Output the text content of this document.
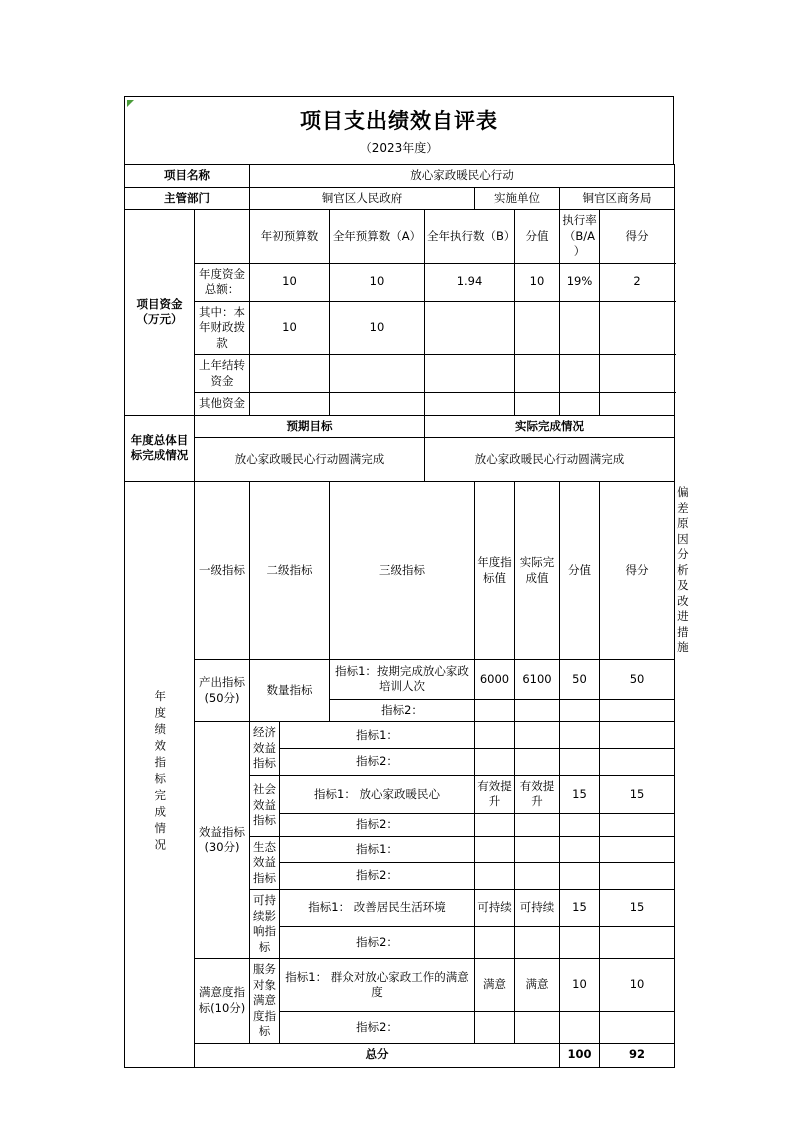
项目支出绩效自评表
（2023年度）
项目名称		放心家政暖民心行动								
主管部门		铜官区人民政府				实施单位		铜官区商务局		
项目资金（万元）		年初预算数		全年预算数（A）	全年执行数（B）		分值	执行率（B/A）	得分	
	年度资金总额：	10		10	1.94		10	19%	2	
	其中：本年财政拨款	10		10						
	上年结转资金									
	其他资金									
年度总体目标完成情况	预期目标				实际完成情况					
	放心家政暖民心行动圆满完成				放心家政暖民心行动圆满完成					
年度绩效指标完成情况	一级指标	二级指标		三级指标		年度指标值	实际完成值	分值	得分	偏差原因分析及改进措施
	产出指标(50分)	数量指标		指标1：按期完成放心家政培训人次		6000	6100	50	50	
				指标2：						
	效益指标(30分)	经济效益指标	指标1：							
			指标2：							
		社会效益指标	指标1： 放心家政暖民心			有效提升	有效提升	15	15	
			指标2：							
		生态效益指标	指标1：							
			指标2：							
		可持续影响指标	指标1： 改善居民生活环境			可持续	可持续	15	15	
			指标2：							
	满意度指标(10分)	服务对象满意度指标	指标1： 群众对放心家政工作的满意度			满意	满意	10	10	
			指标2：							
	总分							100	92	
